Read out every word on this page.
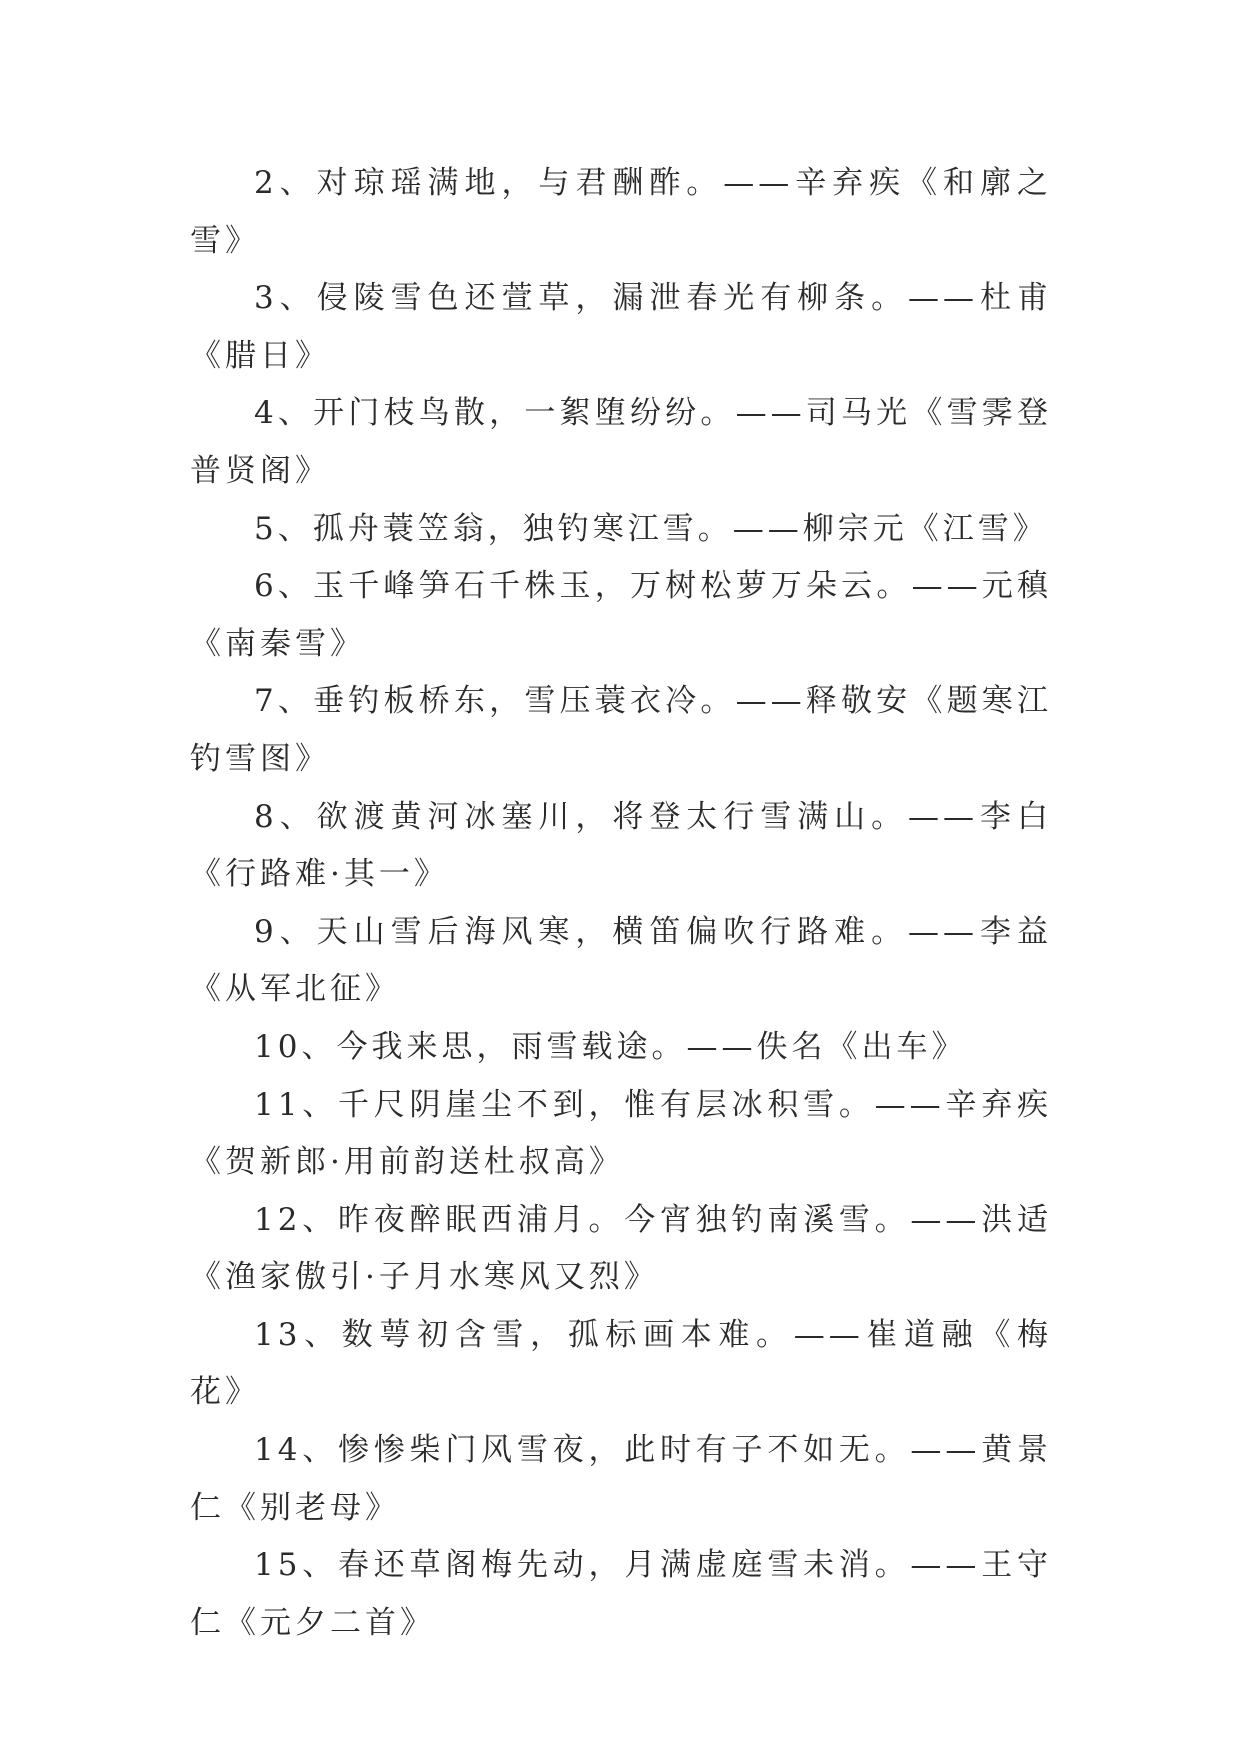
2、对琼瑶满地，与君酬酢。——辛弃疾《和廓之雪》

3、侵陵雪色还萱草，漏泄春光有柳条。——杜甫《腊日》

4、开门枝鸟散，一絮堕纷纷。——司马光《雪霁登普贤阁》

5、孤舟蓑笠翁，独钓寒江雪。——柳宗元《江雪》

6、玉千峰笋石千株玉，万树松萝万朵云。——元稹《南秦雪》

7、垂钓板桥东，雪压蓑衣冷。——释敬安《题寒江钓雪图》

8、欲渡黄河冰塞川，将登太行雪满山。——李白《行路难·其一》

9、天山雪后海风寒，横笛偏吹行路难。——李益《从军北征》

10、今我来思，雨雪载途。——佚名《出车》

11、千尺阴崖尘不到，惟有层冰积雪。——辛弃疾《贺新郎·用前韵送杜叔高》

12、昨夜醉眠西浦月。今宵独钓南溪雪。——洪适《渔家傲引·子月水寒风又烈》

13、数萼初含雪，孤标画本难。——崔道融《梅花》

14、惨惨柴门风雪夜，此时有子不如无。——黄景仁《别老母》

15、春还草阁梅先动，月满虚庭雪未消。——王守仁《元夕二首》
